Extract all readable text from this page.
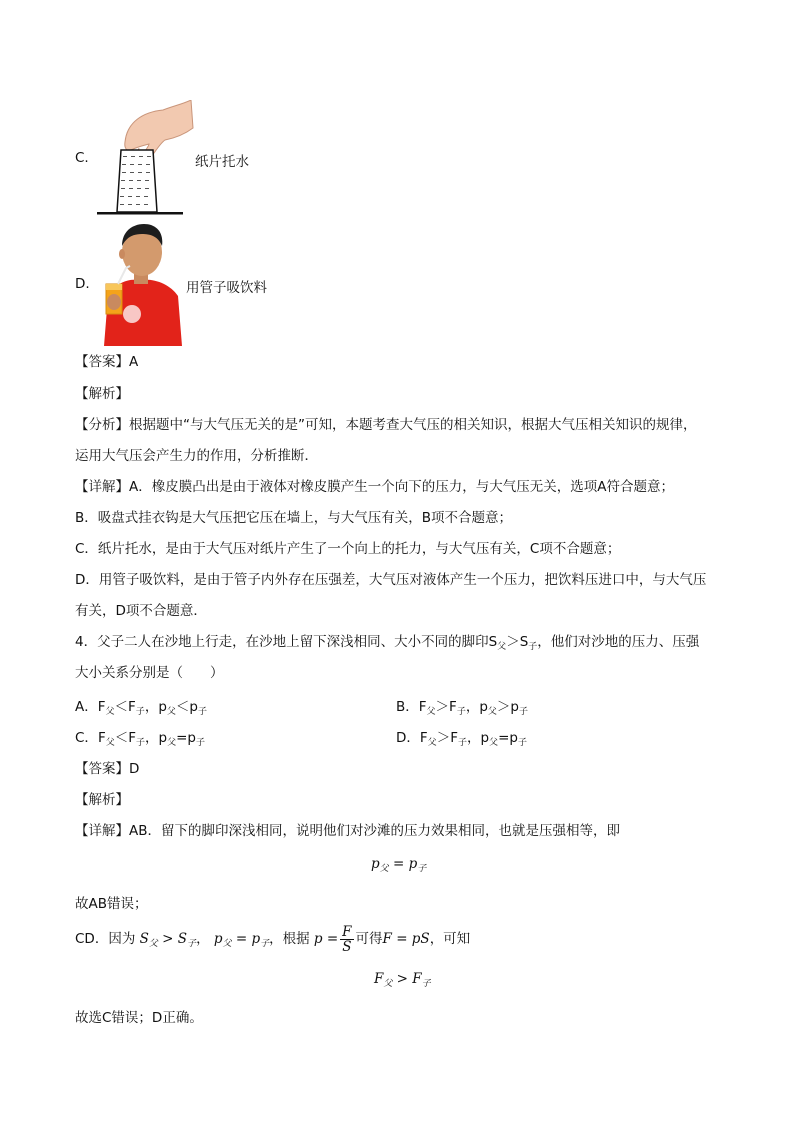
C.	纸片托水
D.	用管子吸饮料
【答案】A
【解析】
【分析】根据题中“与大气压无关的是”可知，本题考查大气压的相关知识，根据大气压相关知识的规律，
运用大气压会产生力的作用，分析推断．
【详解】A．橡皮膜凸出是由于液体对橡皮膜产生一个向下的压力，与大气压无关，选项A符合题意；
B．吸盘式挂衣钩是大气压把它压在墙上，与大气压有关，B项不合题意；
C．纸片托水，是由于大气压对纸片产生了一个向上的托力，与大气压有关，C项不合题意；
D．用管子吸饮料，是由于管子内外存在压强差，大气压对液体产生一个压力，把饮料压进口中，与大气压
有关，D项不合题意．
4．父子二人在沙地上行走，在沙地上留下深浅相同、大小不同的脚印$S_父>S_子$，他们对沙地的压力、压强
大小关系分别是（　　）
A．$F_父<F_子$，$p_父<p_子$	B．$F_父>F_子$，$p_父>p_子$
C．$F_父<F_子$，$p_父=p_子$	D．$F_父>F_子$，$p_父=p_子$
【答案】D
【解析】
【详解】AB．留下的脚印深浅相同，说明他们对沙滩的压力效果相同，也就是压强相等，即
$p_父 = p_子$
故AB错误；
CD．因为 $S_父 > S_子$， $p_父 = p_子$，根据 $p = \frac{F}{S}$ 可得F = pS，可知
$F_父 > F_子$
故选C错误；D正确。
